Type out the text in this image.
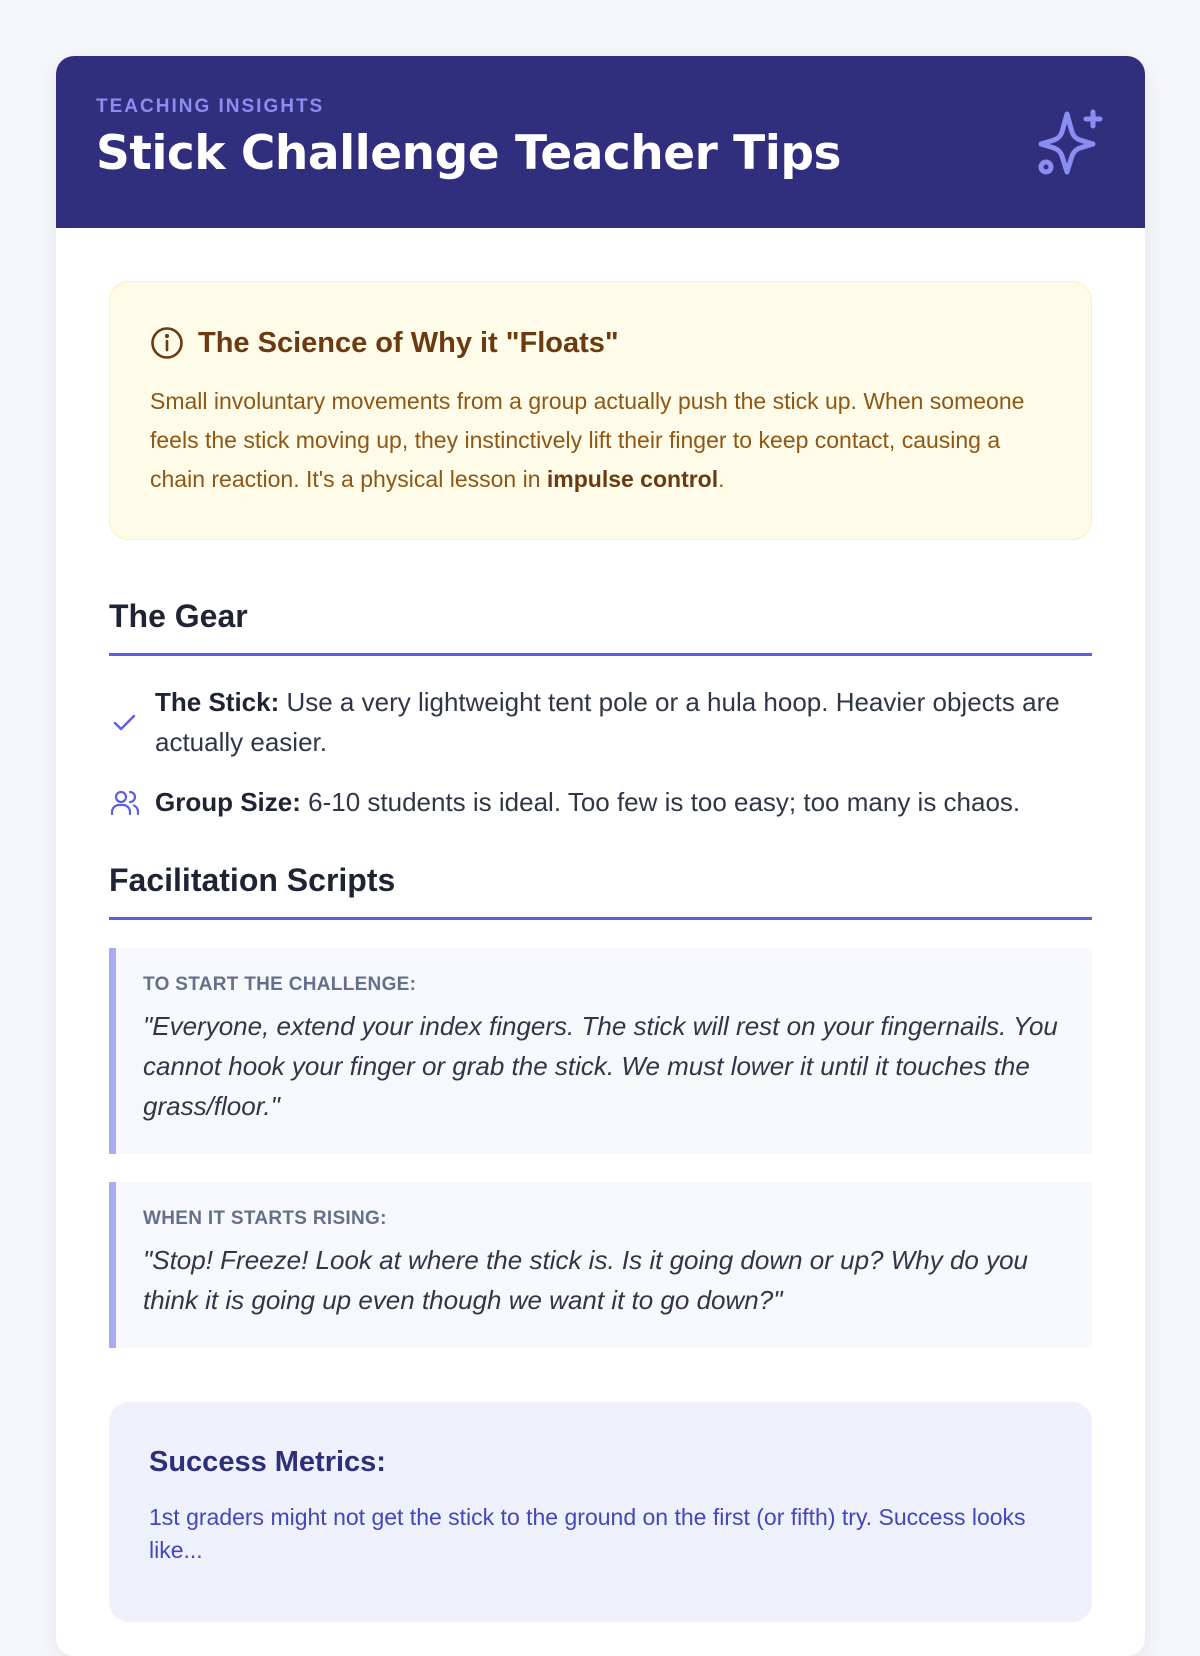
TEACHING INSIGHTS

Stick Challenge Teacher Tips
The Science of Why it "Floats"

Small involuntary movements from a group actually push the stick up. When someone feels the stick moving up, they instinctively lift their finger to keep contact, causing a chain reaction. It's a physical lesson in impulse control.

The Gear
The Stick: Use a very lightweight tent pole or a hula hoop. Heavier objects are actually easier.
Group Size: 6-10 students is ideal. Too few is too easy; too many is chaos.
Facilitation Scripts

TO START THE CHALLENGE:

"Everyone, extend your index fingers. The stick will rest on your fingernails. You cannot hook your finger or grab the stick. We must lower it until it touches the grass/floor."

WHEN IT STARTS RISING:

"Stop! Freeze! Look at where the stick is. Is it going down or up? Why do you think it is going up even though we want it to go down?"

Success Metrics:

1st graders might not get the stick to the ground on the first (or fifth) try. Success looks like...
